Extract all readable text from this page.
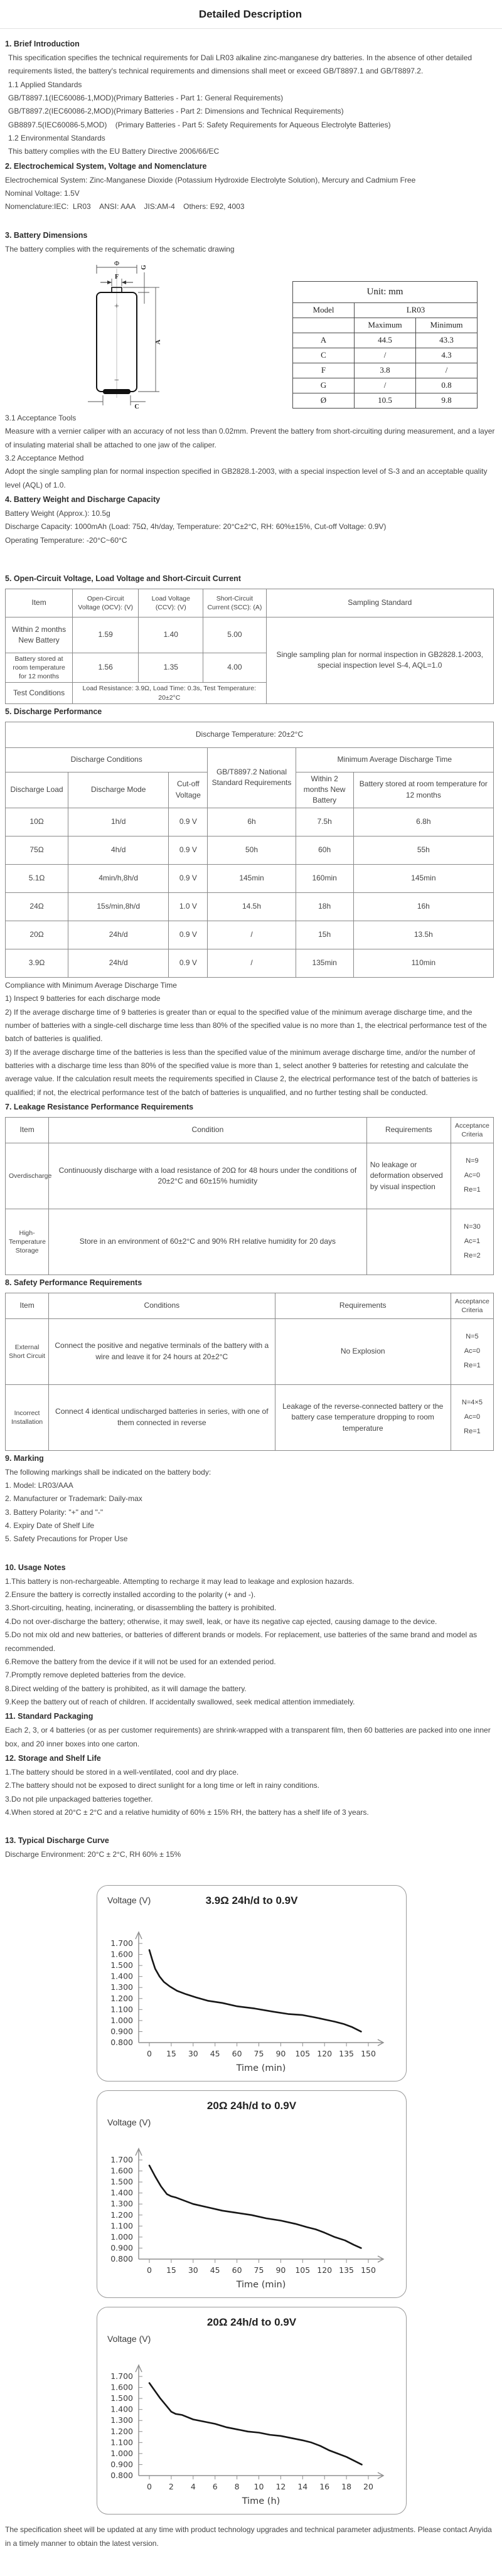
Detailed Description
1. Brief Introduction
This specification specifies the technical requirements for Dali LR03 alkaline zinc-manganese dry batteries. In the absence of other detailed requirements listed, the battery's technical requirements and dimensions shall meet or exceed GB/T8897.1 and GB/T8897.2.
1.1 Applied Standards
GB/T8897.1(IEC60086-1,MOD)(Primary Batteries - Part 1: General Requirements)
GB/T8897.2(IEC60086-2,MOD)(Primary Batteries - Part 2: Dimensions and Technical Requirements)
GB8897.5(IEC60086-5,MOD)    (Primary Batteries - Part 5: Safety Requirements for Aqueous Electrolyte Batteries)
1.2 Environmental Standards
This battery complies with the EU Battery Directive 2006/66/EC
2. Electrochemical System, Voltage and Nomenclature
Electrochemical System: Zinc-Manganese Dioxide (Potassium Hydroxide Electrolyte Solution), Mercury and Cadmium Free
Nominal Voltage: 1.5V
Nomenclature:IEC:  LR03    ANSI: AAA    JIS:AM-4    Others: E92, 4003
3. Battery Dimensions
The battery complies with the requirements of the schematic drawing
Φ
F
G
+
−
A
C
Unit: mm		
Model	LR03	
	Maximum	Minimum
A	44.5	43.3
C	/	4.3
F	3.8	/
G	/	0.8
Ø	10.5	9.8
3.1 Acceptance Tools
Measure with a vernier caliper with an accuracy of not less than 0.02mm. Prevent the battery from short-circuiting during measurement, and a layer of insulating material shall be attached to one jaw of the caliper.
3.2 Acceptance Method
Adopt the single sampling plan for normal inspection specified in GB2828.1-2003, with a special inspection level of S-3 and an acceptable quality level (AQL) of 1.0.
4. Battery Weight and Discharge Capacity
Battery Weight (Approx.): 10.5g
Discharge Capacity: 1000mAh (Load: 75Ω, 4h/day, Temperature: 20°C±2°C, RH: 60%±15%, Cut-off Voltage: 0.9V)
Operating Temperature: -20°C~60°C
5. Open-Circuit Voltage, Load Voltage and Short-Circuit Current
Item	Open-Circuit Voltage (OCV): (V)	Load Voltage (CCV): (V)	Short-Circuit Current (SCC): (A)	Sampling Standard
Within 2 months New Battery	1.59	1.40	5.00	Single sampling plan for normal inspection in GB2828.1-2003, special inspection level S-4, AQL=1.0
Battery stored at room temperature for 12 months	1.56	1.35	4.00	
Test Conditions	Load Resistance: 3.9Ω, Load Time: 0.3s, Test Temperature: 20±2°C			
5. Discharge Performance
Discharge Temperature: 20±2°C					
Discharge Conditions			GB/T8897.2 National Standard Requirements	Minimum Average Discharge Time	
Discharge Load	Discharge Mode	Cut-off Voltage		Within 2 months New Battery	Battery stored at room temperature for 12 months
10Ω	1h/d	0.9 V	6h	7.5h	6.8h
75Ω	4h/d	0.9 V	50h	60h	55h
5.1Ω	4min/h,8h/d	0.9 V	145min	160min	145min
24Ω	15s/min,8h/d	1.0 V	14.5h	18h	16h
20Ω	24h/d	0.9 V	/	15h	13.5h
3.9Ω	24h/d	0.9 V	/	135min	110min
Compliance with Minimum Average Discharge Time
1) Inspect 9 batteries for each discharge mode
2) If the average discharge time of 9 batteries is greater than or equal to the specified value of the minimum average discharge time, and the number of batteries with a single-cell discharge time less than 80% of the specified value is no more than 1, the electrical performance test of the batch of batteries is qualified.
3) If the average discharge time of the batteries is less than the specified value of the minimum average discharge time, and/or the number of batteries with a discharge time less than 80% of the specified value is more than 1, select another 9 batteries for retesting and calculate the average value. If the calculation result meets the requirements specified in Clause 2, the electrical performance test of the batch of batteries is qualified; if not, the electrical performance test of the batch of batteries is unqualified, and no further testing shall be conducted.
7. Leakage Resistance Performance Requirements
Item	Condition	Requirements	Acceptance Criteria
Overdischarge	Continuously discharge with a load resistance of 20Ω for 48 hours under the conditions of 20±2°C and 60±15% humidity	No leakage or deformation observed by visual inspection	N=9
Ac=0
Re=1

High-Temperature Storage	Store in an environment of 60±2°C and 90% RH relative humidity for 20 days		N=30
Ac=1
Re=2
8. Safety Performance Requirements
Item	Conditions	Requirements	Acceptance Criteria
External Short Circuit	Connect the positive and negative terminals of the battery with a wire and leave it for 24 hours at 20±2°C	No Explosion	N=5
Ac=0
Re=1

Incorrect Installation	Connect 4 identical undischarged batteries in series, with one of them connected in reverse	Leakage of the reverse-connected battery or the battery case temperature dropping to room temperature	N=4×5
Ac=0
Re=1
9. Marking
The following markings shall be indicated on the battery body:
1. Model: LR03/AAA
2. Manufacturer or Trademark: Daily-max
3. Battery Polarity: "+" and "-"
4. Expiry Date of Shelf Life
5. Safety Precautions for Proper Use
10. Usage Notes
1.This battery is non-rechargeable. Attempting to recharge it may lead to leakage and explosion hazards.
2.Ensure the battery is correctly installed according to the polarity (+ and -).
3.Short-circuiting, heating, incinerating, or disassembling the battery is prohibited.
4.Do not over-discharge the battery; otherwise, it may swell, leak, or have its negative cap ejected, causing damage to the device.
5.Do not mix old and new batteries, or batteries of different brands or models. For replacement, use batteries of the same brand and model as recommended.
6.Remove the battery from the device if it will not be used for an extended period.
7.Promptly remove depleted batteries from the device.
8.Direct welding of the battery is prohibited, as it will damage the battery.
9.Keep the battery out of reach of children. If accidentally swallowed, seek medical attention immediately.
11. Standard Packaging
Each 2, 3, or 4 batteries (or as per customer requirements) are shrink-wrapped with a transparent film, then 60 batteries are packed into one inner box, and 20 inner boxes into one carton.
12. Storage and Shelf Life
1.The battery should be stored in a well-ventilated, cool and dry place.
2.The battery should not be exposed to direct sunlight for a long time or left in rainy conditions.
3.Do not pile unpackaged batteries together.
4.When stored at 20°C ± 2°C and a relative humidity of 60% ± 15% RH, the battery has a shelf life of 3 years.
13. Typical Discharge Curve
Discharge Environment: 20°C ± 2°C, RH 60% ± 15%
Voltage (V)	3.9Ω 24h/d to 0.9V
1.700
1.600
1.500
1.400
1.300
1.200
1.100
1.000
0.900
0.800
0 15 30 45 60 75 90 105 120 135 150
Time (min)
20Ω 24h/d to 0.9V
Voltage (V)
1.700
1.600
1.500
1.400
1.300
1.200
1.100
1.000
0.900
0.800
0 15 30 45 60 75 90 105 120 135 150
Time (min)
20Ω 24h/d to 0.9V
Voltage (V)
1.700
1.600
1.500
1.400
1.300
1.200
1.100
1.000
0.900
0.800
0 2 4 6 8 10 12 14 16 18 20
Time (h)
The specification sheet will be updated at any time with product technology upgrades and technical parameter adjustments. Please contact Anyida in a timely manner to obtain the latest version.
